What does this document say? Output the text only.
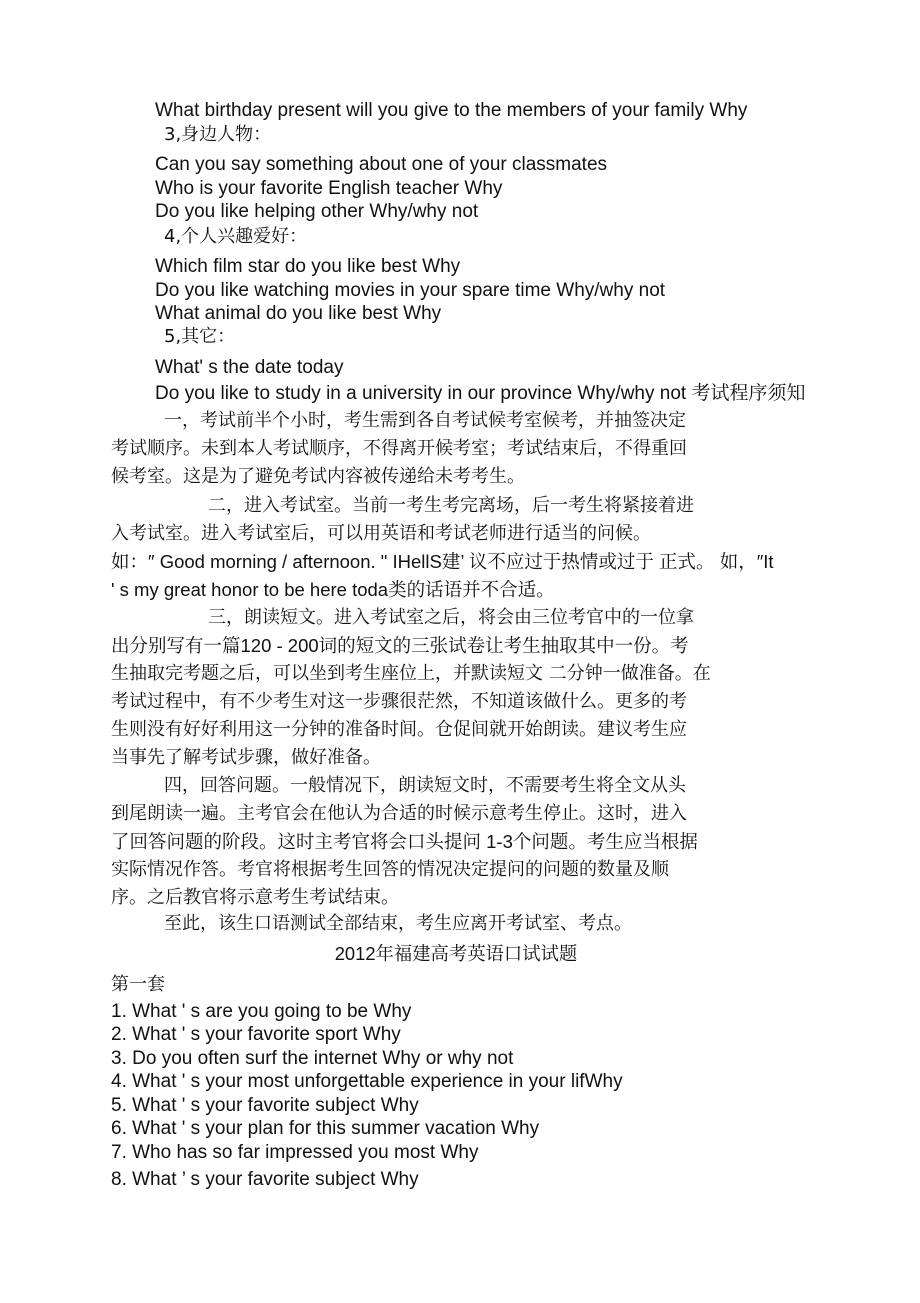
What birthday present will you give to the members of your family Why
3,身边人物：
Can you say something about one of your classmates
Who is your favorite English teacher Why
Do you like helping other Why/why not
4,个人兴趣爱好：
Which film star do you like best Why
Do you like watching movies in your spare time Why/why not
What animal do you like best Why
5,其它：
What' s the date today
Do you like to study in a university in our province Why/why not 考试程序须知
一，考试前半个小时，考生需到各自考试候考室候考，并抽签决定
考试顺序。未到本人考试顺序，不得离开候考室；考试结束后，不得重回
候考室。这是为了避免考试内容被传递给未考考生。
二，进入考试室。当前一考生考完离场，后一考生将紧接着进
入考试室。进入考试室后，可以用英语和考试老师进行适当的问候。
如：″ Good morning / afternoon. " IHellS建’ 议不应过于热情或过于 正式。 如，″It
' s my great honor to be here toda类的话语并不合适。
三，朗读短文。进入考试室之后，将会由三位考官中的一位拿
出分别写有一篇120 - 200词的短文的三张试卷让考生抽取其中一份。考
生抽取完考题之后，可以坐到考生座位上，并默读短文 二分钟一做准备。在
考试过程中，有不少考生对这一步骤很茫然，不知道该做什么。更多的考
生则没有好好利用这一分钟的准备时间。仓促间就开始朗读。建议考生应
当事先了解考试步骤，做好准备。
四，回答问题。一般情况下，朗读短文时，不需要考生将全文从头
到尾朗读一遍。主考官会在他认为合适的时候示意考生停止。这时，进入
了回答问题的阶段。这时主考官将会口头提问 1-3个问题。考生应当根据
实际情况作答。考官将根据考生回答的情况决定提问的问题的数量及顺
序。之后教官将示意考生考试结束。
至此，该生口语测试全部结束，考生应离开考试室、考点。
2012年福建高考英语口试试题
第一套
1. What ' s are you going to be Why
2. What ' s your favorite sport Why
3. Do you often surf the internet Why or why not
4. What ' s your most unforgettable experience in your lifWhy
5. What ' s your favorite subject Why
6. What ' s your plan for this summer vacation Why
7. Who has so far impressed you most Why
8. What ’ s your favorite subject Why
